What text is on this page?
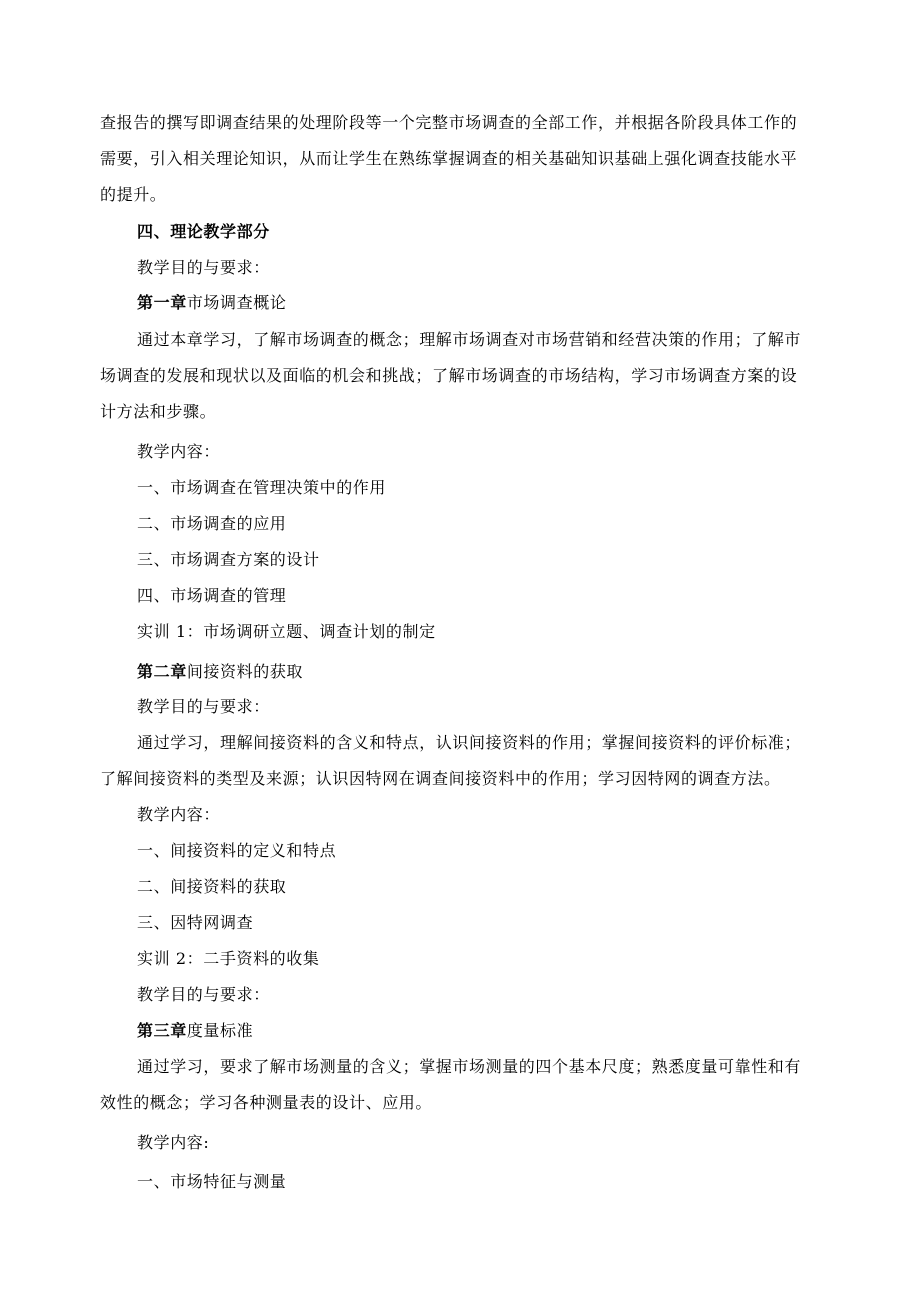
查报告的撰写即调查结果的处理阶段等一个完整市场调查的全部工作，并根据各阶段具体工作的
需要，引入相关理论知识，从而让学生在熟练掌握调查的相关基础知识基础上强化调查技能水平
的提升。
四、理论教学部分
教学目的与要求：
第一章市场调查概论
通过本章学习，了解市场调查的概念；理解市场调查对市场营销和经营决策的作用；了解市
场调查的发展和现状以及面临的机会和挑战；了解市场调查的市场结构，学习市场调查方案的设
计方法和步骤。
教学内容：
一、市场调查在管理决策中的作用
二、市场调查的应用
三、市场调查方案的设计
四、市场调查的管理
实训 1：市场调研立题、调查计划的制定
第二章间接资料的获取
教学目的与要求：
通过学习，理解间接资料的含义和特点，认识间接资料的作用；掌握间接资料的评价标准；
了解间接资料的类型及来源；认识因特网在调查间接资料中的作用；学习因特网的调查方法。
教学内容：
一、间接资料的定义和特点
二、间接资料的获取
三、因特网调查
实训 2：二手资料的收集
教学目的与要求：
第三章度量标准
通过学习，要求了解市场测量的含义；掌握市场测量的四个基本尺度；熟悉度量可靠性和有
效性的概念；学习各种测量表的设计、应用。
教学内容:
一、市场特征与测量
